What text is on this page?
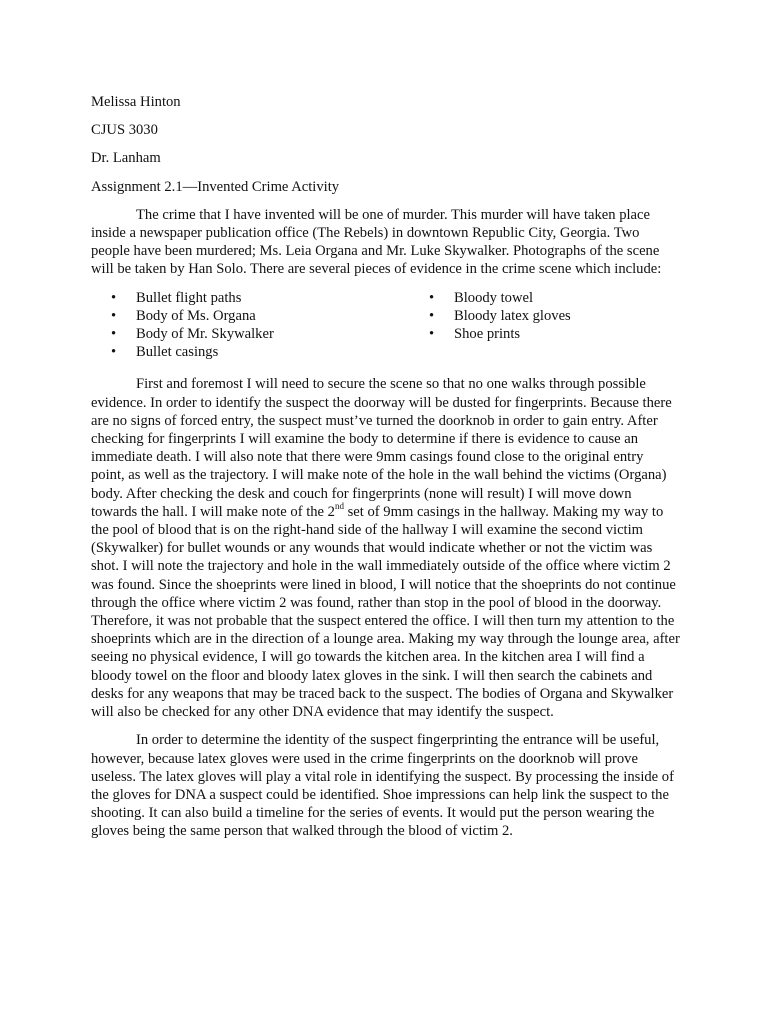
Melissa Hinton

CJUS 3030

Dr. Lanham

Assignment 2.1—Invented Crime Activity

The crime that I have invented will be one of murder. This murder will have taken place inside a newspaper publication office (The Rebels) in downtown Republic City, Georgia. Two people have been murdered; Ms. Leia Organa and Mr. Luke Skywalker. Photographs of the scene will be taken by Han Solo. There are several pieces of evidence in the crime scene which include:

• Bullet flight paths
• Body of Ms. Organa
• Body of Mr. Skywalker
• Bullet casings
• Bloody towel
• Bloody latex gloves
• Shoe prints

First and foremost I will need to secure the scene so that no one walks through possible evidence. In order to identify the suspect the doorway will be dusted for fingerprints. Because there are no signs of forced entry, the suspect must’ve turned the doorknob in order to gain entry. After checking for fingerprints I will examine the body to determine if there is evidence to cause an immediate death. I will also note that there were 9mm casings found close to the original entry point, as well as the trajectory. I will make note of the hole in the wall behind the victims (Organa) body. After checking the desk and couch for fingerprints (none will result) I will move down towards the hall. I will make note of the 2nd set of 9mm casings in the hallway. Making my way to the pool of blood that is on the right-hand side of the hallway I will examine the second victim (Skywalker) for bullet wounds or any wounds that would indicate whether or not the victim was shot. I will note the trajectory and hole in the wall immediately outside of the office where victim 2 was found. Since the shoeprints were lined in blood, I will notice that the shoeprints do not continue through the office where victim 2 was found, rather than stop in the pool of blood in the doorway. Therefore, it was not probable that the suspect entered the office. I will then turn my attention to the shoeprints which are in the direction of a lounge area. Making my way through the lounge area, after seeing no physical evidence, I will go towards the kitchen area. In the kitchen area I will find a bloody towel on the floor and bloody latex gloves in the sink. I will then search the cabinets and desks for any weapons that may be traced back to the suspect. The bodies of Organa and Skywalker will also be checked for any other DNA evidence that may identify the suspect.

In order to determine the identity of the suspect fingerprinting the entrance will be useful, however, because latex gloves were used in the crime fingerprints on the doorknob will prove useless. The latex gloves will play a vital role in identifying the suspect. By processing the inside of the gloves for DNA a suspect could be identified. Shoe impressions can help link the suspect to the shooting. It can also build a timeline for the series of events. It would put the person wearing the gloves being the same person that walked through the blood of victim 2.
